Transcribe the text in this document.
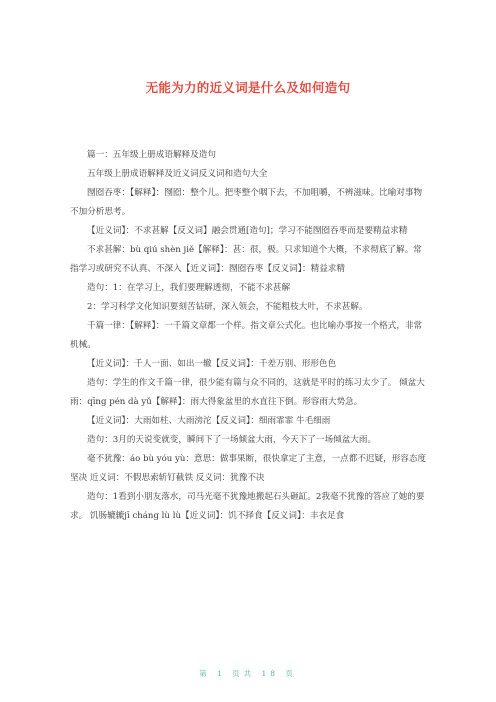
无能为力的近义词是什么及如何造句

篇一：五年级上册成语解释及造句

五年级上册成语解释及近义词反义词和造句大全

囫囵吞枣：【解释】：囫囵：整个儿。把枣整个咽下去，不加咀嚼，不辨滋味。比喻对事物不加分析思考。

【近义词】：不求甚解【反义词】融会贯通[造句]；学习不能囫囵吞枣而是要精益求精

不求甚解：bù qiú shèn jiě【解释】：甚：很，极。只求知道个大概，不求彻底了解。常指学习或研究不认真、不深入【近义词】：囫囵吞枣【反义词】：精益求精

造句：1：在学习上，我们要理解透彻，不能不求甚解

2：学习科学文化知识要刻苦钻研，深入领会，不能粗枝大叶，不求甚解。

千篇一律：【解释】：一千篇文章都一个样。指文章公式化。也比喻办事按一个格式，非常机械。

【近义词】：千人一面、如出一辙【反义词】：千差万别、形形色色

造句：学生的作文千篇一律，很少能有篇与众不同的，这就是平时的练习太少了。 倾盆大雨：qīng pén dà yǔ【解释】：雨大得象盆里的水直往下倒。形容雨大势急。

【近义词】：大雨如柱、大雨滂沱【反义词】：细雨霏霏 牛毛细雨

造句：3月的天说变就变，瞬间下了一场倾盆大雨，今天下了一场倾盆大雨。

毫不犹豫：áo bù yóu yù：意思：做事果断，很快拿定了主意，一点都不迟疑，形容态度坚决 近义词：不假思索斩钉截铁 反义词：犹豫不决

造句：1看到小朋友落水，司马光毫不犹豫地搬起石头砸缸。2我毫不犹豫的答应了她的要求。 饥肠辘辘jī cháng lù lù【近义词】：饥不择食【反义词】：丰衣足食

第 1 页共 18 页
